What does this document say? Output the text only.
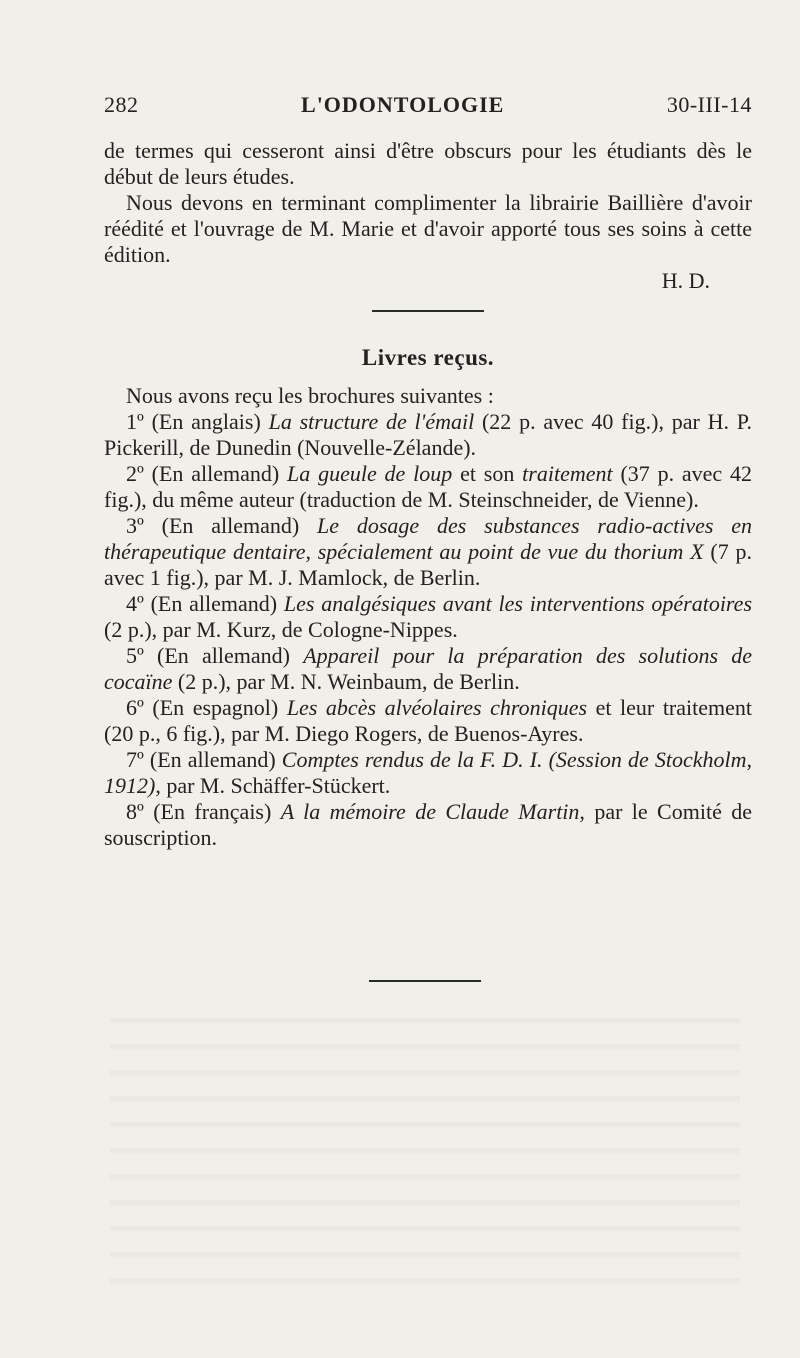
282	L'ODONTOLOGIE	30-III-14

de termes qui cesseront ainsi d'être obscurs pour les étudiants dès le début de leurs études.

Nous devons en terminant complimenter la librairie Baillière d'avoir réédité et l'ouvrage de M. Marie et d'avoir apporté tous ses soins à cette édition.

H. D.

Livres reçus.

Nous avons reçu les brochures suivantes :

1º (En anglais) La structure de l'émail (22 p. avec 40 fig.), par H. P. Pickerill, de Dunedin (Nouvelle-Zélande).

2º (En allemand) La gueule de loup et son traitement (37 p. avec 42 fig.), du même auteur (traduction de M. Steinschneider, de Vienne).

3º (En allemand) Le dosage des substances radio-actives en thérapeutique dentaire, spécialement au point de vue du thorium X (7 p. avec 1 fig.), par M. J. Mamlock, de Berlin.

4º (En allemand) Les analgésiques avant les interventions opératoires (2 p.), par M. Kurz, de Cologne-Nippes.

5º (En allemand) Appareil pour la préparation des solutions de cocaïne (2 p.), par M. N. Weinbaum, de Berlin.

6º (En espagnol) Les abcès alvéolaires chroniques et leur traitement (20 p., 6 fig.), par M. Diego Rogers, de Buenos-Ayres.

7º (En allemand) Comptes rendus de la F. D. I. (Session de Stockholm, 1912), par M. Schäffer-Stückert.

8º (En français) A la mémoire de Claude Martin, par le Comité de souscription.
